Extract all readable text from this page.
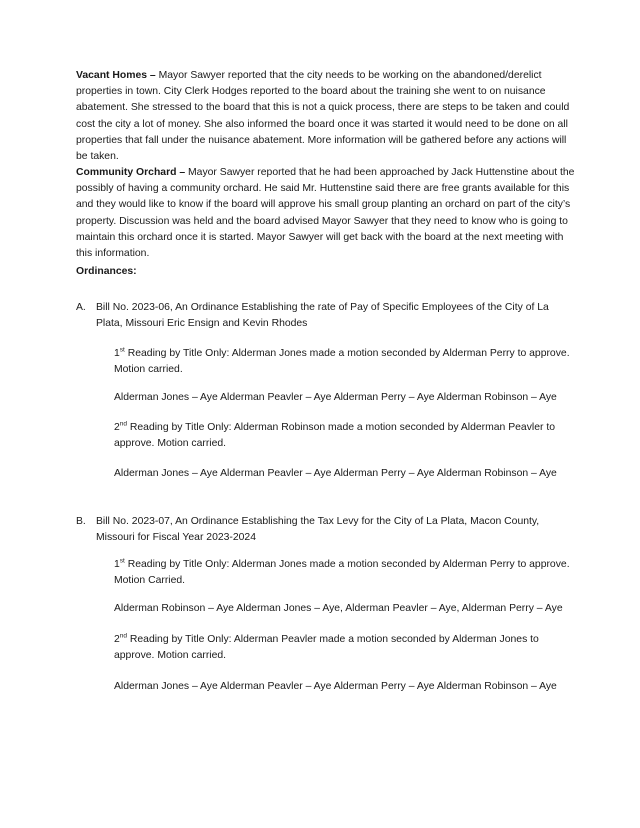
Vacant Homes – Mayor Sawyer reported that the city needs to be working on the abandoned/derelict properties in town. City Clerk Hodges reported to the board about the training she went to on nuisance abatement. She stressed to the board that this is not a quick process, there are steps to be taken and could cost the city a lot of money. She also informed the board once it was started it would need to be done on all properties that fall under the nuisance abatement. More information will be gathered before any actions will be taken.

Community Orchard – Mayor Sawyer reported that he had been approached by Jack Huttenstine about the possibly of having a community orchard. He said Mr. Huttenstine said there are free grants available for this and they would like to know if the board will approve his small group planting an orchard on part of the city’s property. Discussion was held and the board advised Mayor Sawyer that they need to know who is going to maintain this orchard once it is started. Mayor Sawyer will get back with the board at the next meeting with this information.

Ordinances:
A. Bill No. 2023-06, An Ordinance Establishing the rate of Pay of Specific Employees of the City of La Plata, Missouri Eric Ensign and Kevin Rhodes

1st Reading by Title Only: Alderman Jones made a motion seconded by Alderman Perry to approve. Motion carried.

Alderman Jones – Aye Alderman Peavler – Aye Alderman Perry – Aye Alderman Robinson – Aye

2nd Reading by Title Only: Alderman Robinson made a motion seconded by Alderman Peavler to approve. Motion carried.

Alderman Jones – Aye Alderman Peavler – Aye Alderman Perry – Aye Alderman Robinson – Aye

B. Bill No. 2023-07, An Ordinance Establishing the Tax Levy for the City of La Plata, Macon County, Missouri for Fiscal Year 2023-2024

1st Reading by Title Only: Alderman Jones made a motion seconded by Alderman Perry to approve. Motion Carried.

Alderman Robinson – Aye Alderman Jones – Aye, Alderman Peavler – Aye, Alderman Perry – Aye

2nd Reading by Title Only: Alderman Peavler made a motion seconded by Alderman Jones to approve. Motion carried.

Alderman Jones – Aye Alderman Peavler – Aye Alderman Perry – Aye Alderman Robinson – Aye
